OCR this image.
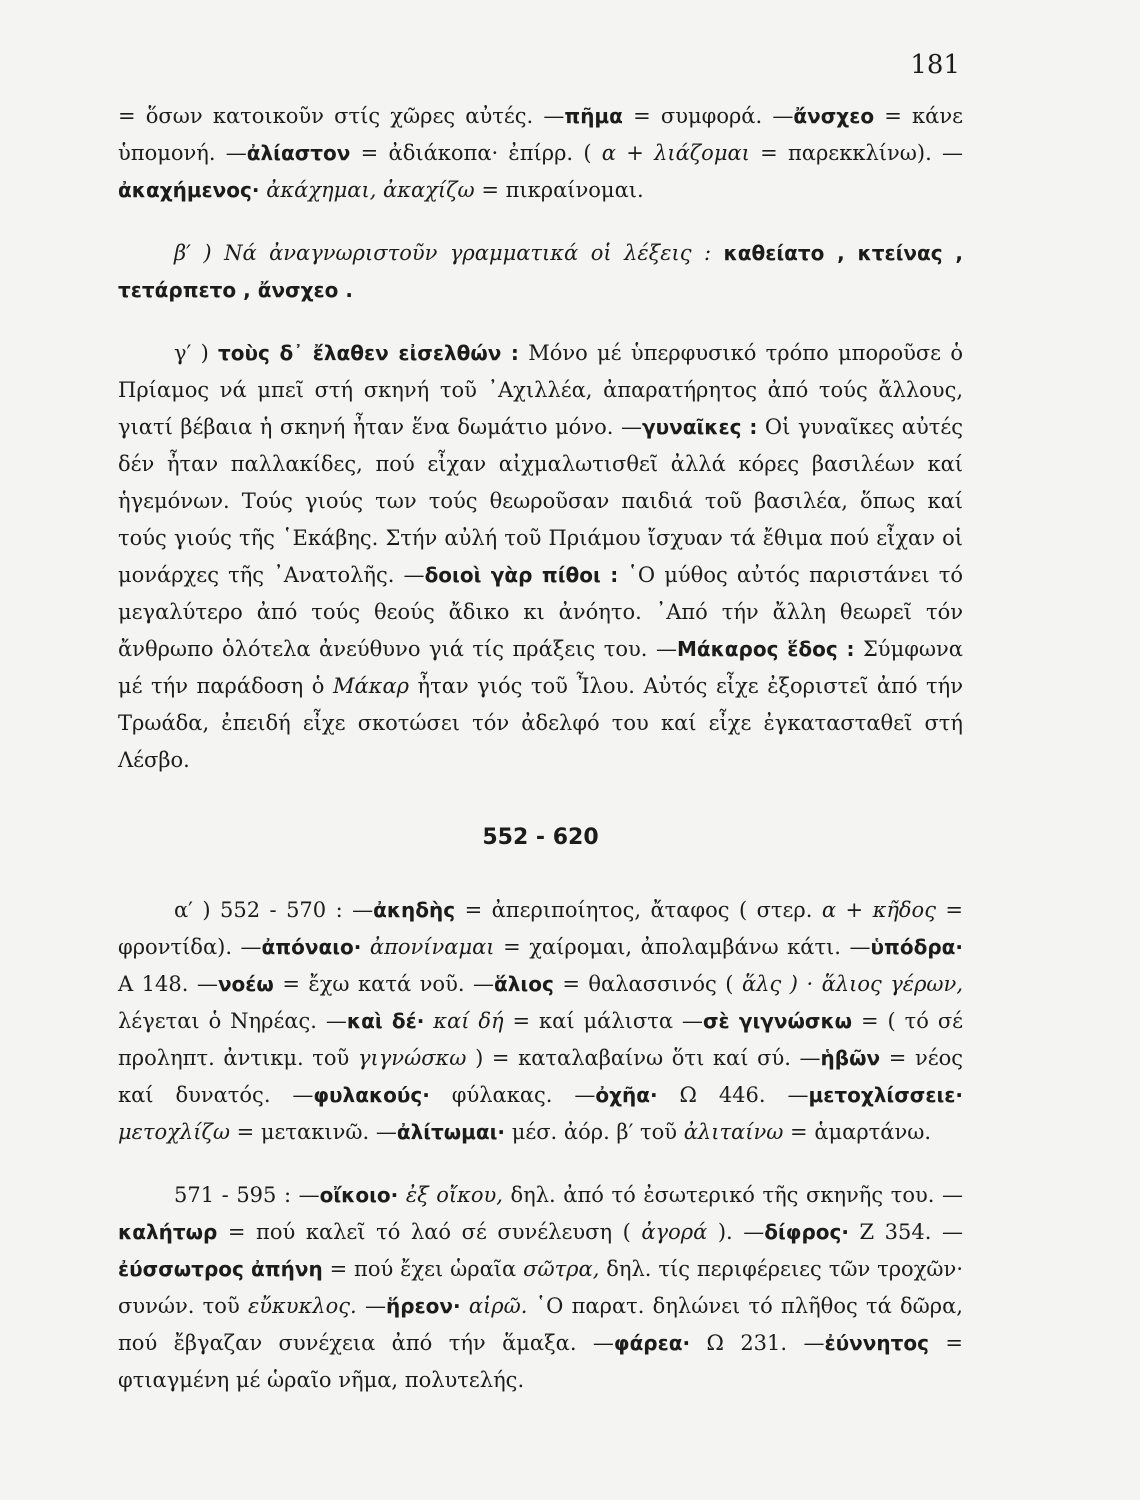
181

= ὅσων κατοικοῦν στίς χῶρες αὐτές. —πῆμα = συμφορά. —ἄνσχεο = κάνε ὑπομονή. —ἀλίαστον = ἀδιάκοπα· ἐπίρρ. ( α + λιάζομαι = παρεκκλίνω). — ἀκαχήμενος· ἀκάχημαι, ἀκαχίζω = πικραίνομαι.

β′ ) Νά ἀναγνωριστοῦν γραμματικά οἱ λέξεις : καθείατο , κτείνας , τετάρπετο , ἄνσχεο .

γ′ ) τοὺς δ᾽ ἔλαθεν εἰσελθών : Μόνο μέ ὑπερφυσικό τρόπο μποροῦσε ὁ Πρίαμος νά μπεῖ στή σκηνή τοῦ ᾿Αχιλλέα, ἀπαρατήρητος ἀπό τούς ἄλλους, γιατί βέβαια ἡ σκηνή ἦταν ἕνα δωμάτιο μόνο. —γυναῖκες : Οἱ γυναῖκες αὐτές δέν ἦταν παλλακίδες, πού εἶχαν αἰχμαλωτισθεῖ ἀλλά κόρες βασιλέων καί ἡγεμόνων. Τούς γιούς των τούς θεωροῦσαν παιδιά τοῦ βασιλέα, ὅπως καί τούς γιούς τῆς ῾Εκάβης. Στήν αὐλή τοῦ Πριάμου ἴσχυαν τά ἔθιμα πού εἶχαν οἱ μονάρχες τῆς ᾿Ανατολῆς. —δοιοὶ γὰρ πίθοι : ῾Ο μύθος αὐτός παριστάνει τό μεγαλύτερο ἀπό τούς θεούς ἄδικο κι ἀνόητο. ᾿Από τήν ἄλλη θεωρεῖ τόν ἄνθρωπο ὁλότελα ἀνεύθυνο γιά τίς πράξεις του. —Μάκαρος ἕδος : Σύμφωνα μέ τήν παράδοση ὁ Μάκαρ ἦταν γιός τοῦ Ἶλου. Αὐτός εἶχε ἐξοριστεῖ ἀπό τήν Τρωάδα, ἐπειδή εἶχε σκοτώσει τόν ἀδελφό του καί εἶχε ἐγκατασταθεῖ στή Λέσβο.

552 - 620

α′ ) 552 - 570 : —ἀκηδὴς = ἀπεριποίητος, ἄταφος ( στερ. α + κῆδος = φροντίδα). —ἀπόναιο· ἀπονίναμαι = χαίρομαι, ἀπολαμβάνω κάτι. —ὑπόδρα· Α 148. —νοέω = ἔχω κατά νοῦ. —ἅλιος = θαλασσινός ( ἅλς ) · ἅλιος γέρων, λέγεται ὁ Νηρέας. —καὶ δέ· καί δή = καί μάλιστα —σὲ γιγνώσκω = ( τό σέ προληπτ. ἀντικμ. τοῦ γιγνώσκω ) = καταλαβαίνω ὅτι καί σύ. —ἡβῶν = νέος καί δυνατός. —φυλακούς· φύλακας. —ὀχῆα· Ω 446. —μετοχλίσσειε· μετοχλίζω = μετακινῶ. —ἀλίτωμαι· μέσ. ἀόρ. β′ τοῦ ἀλιταίνω = ἁμαρτάνω.

571 - 595 : —οἴκοιο· ἐξ οἴκου, δηλ. ἀπό τό ἐσωτερικό τῆς σκηνῆς του. —καλήτωρ = πού καλεῖ τό λαό σέ συνέλευση ( ἀγορά ). —δίφρος· Ζ 354. — ἐύσσωτρος ἀπήνη = πού ἔχει ὡραῖα σῶτρα, δηλ. τίς περιφέρειες τῶν τροχῶν· συνών. τοῦ εὔκυκλος. —ἥρεον· αἱρῶ. ῾Ο παρατ. δηλώνει τό πλῆθος τά δῶρα, πού ἔβγαζαν συνέχεια ἀπό τήν ἅμαξα. —φάρεα· Ω 231. —ἐύννητος = φτιαγμένη μέ ὡραῖο νῆμα, πολυτελής.
